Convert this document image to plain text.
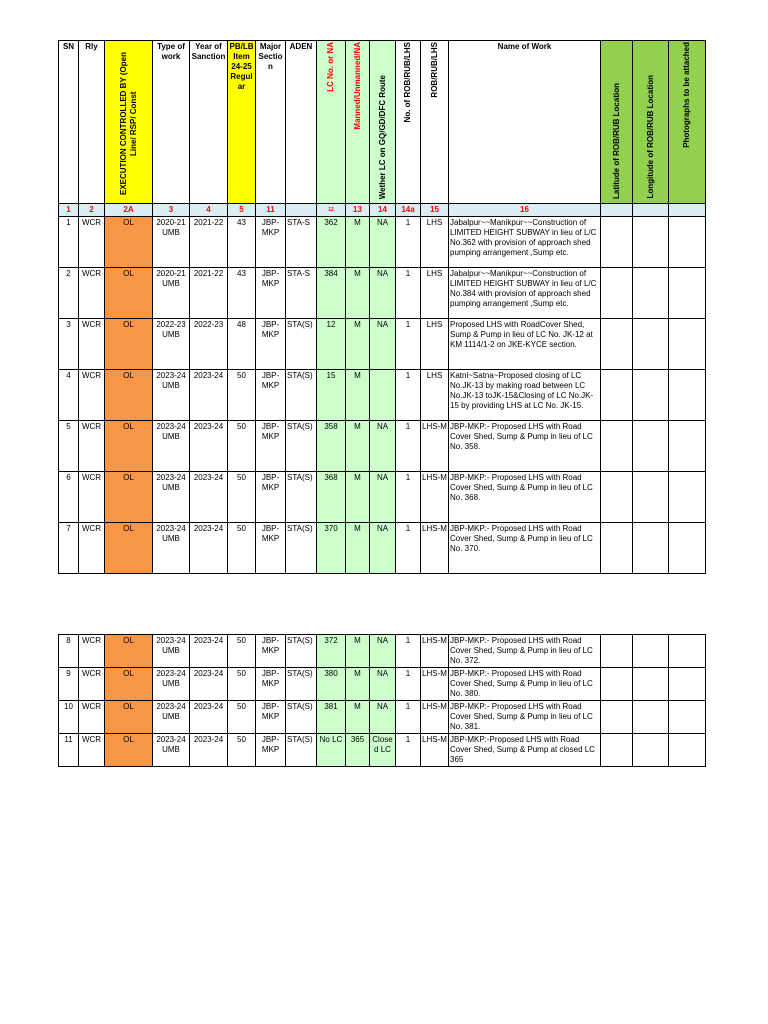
SN	Rly	EXECUTION CONTROLLED BY (Open Line/ RSP/ Const	Type of work	Year of Sanction	PB/LB Item 24-25 Regul ar	Major Sectio n	ADEN	LC No. or NA	Manned/Unmanned/NA	Wether LC on GQ/GD/DFC Route	No. of ROB/RUB/LHS	ROB/RUB/LHS	Name of Work	Latitude of ROB/RUB Location	Longitude of ROB/RUB Location	Photographs to be attached
1	2	2A	3	4	5	11		12	13	14	14a	15	16			
1	WCR	OL	2020-21 UMB	2021-22	43	JBP-MKP	STA-S	362	M	NA	1	LHS	Jabalpur~~Manikpur~~Construction of LIMITED HEIGHT SUBWAY in lieu of L/C No.362 with provision of approach shed pumping arrangement ,Sump etc.			
2	WCR	OL	2020-21 UMB	2021-22	43	JBP-MKP	STA-S	384	M	NA	1	LHS	Jabalpur~~Manikpur~~Construction of LIMITED HEIGHT SUBWAY in lieu of L/C No.384 with provision of approach shed pumping arrangement ,Sump etc.			
3	WCR	OL	2022-23 UMB	2022-23	48	JBP-MKP	STA(S)	12	M	NA	1	LHS	Proposed LHS with RoadCover Shed, Sump & Pump in lieu of LC No. JK-12 at KM 1114/1-2 on JKE-KYCE section.			
4	WCR	OL	2023-24 UMB	2023-24	50	JBP-MKP	STA(S)	15	M		1	LHS	Katni~Satna~Proposed closing of LC No.JK-13 by making road between LC No.JK-13 toJK-15&Closing of LC No.JK-15 by providing LHS at LC No. JK-15.			
5	WCR	OL	2023-24 UMB	2023-24	50	JBP-MKP	STA(S)	358	M	NA	1	LHS-M	JBP-MKP:- Proposed LHS with Road Cover Shed, Sump & Pump in lieu of LC No. 358.			
6	WCR	OL	2023-24 UMB	2023-24	50	JBP-MKP	STA(S)	368	M	NA	1	LHS-M	JBP-MKP:- Proposed LHS with Road Cover Shed, Sump & Pump in lieu of LC No. 368.			
7	WCR	OL	2023-24 UMB	2023-24	50	JBP-MKP	STA(S)	370	M	NA	1	LHS-M	JBP-MKP:- Proposed LHS with Road Cover Shed, Sump & Pump in lieu of LC No. 370.			
8	WCR	OL	2023-24 UMB	2023-24	50	JBP-MKP	STA(S)	372	M	NA	1	LHS-M	JBP-MKP:- Proposed LHS with Road Cover Shed, Sump & Pump in lieu of LC No. 372.			
9	WCR	OL	2023-24 UMB	2023-24	50	JBP-MKP	STA(S)	380	M	NA	1	LHS-M	JBP-MKP:- Proposed LHS with Road Cover Shed, Sump & Pump in lieu of LC No. 380.			
10	WCR	OL	2023-24 UMB	2023-24	50	JBP-MKP	STA(S)	381	M	NA	1	LHS-M	JBP-MKP:- Proposed LHS with Road Cover Shed, Sump & Pump in lieu of LC No. 381.			
11	WCR	OL	2023-24 UMB	2023-24	50	JBP-MKP	STA(S)	No LC	365	Close d LC	1	LHS-M	JBP-MKP:-Proposed LHS with Road Cover Shed, Sump & Pump at closed LC 365			
